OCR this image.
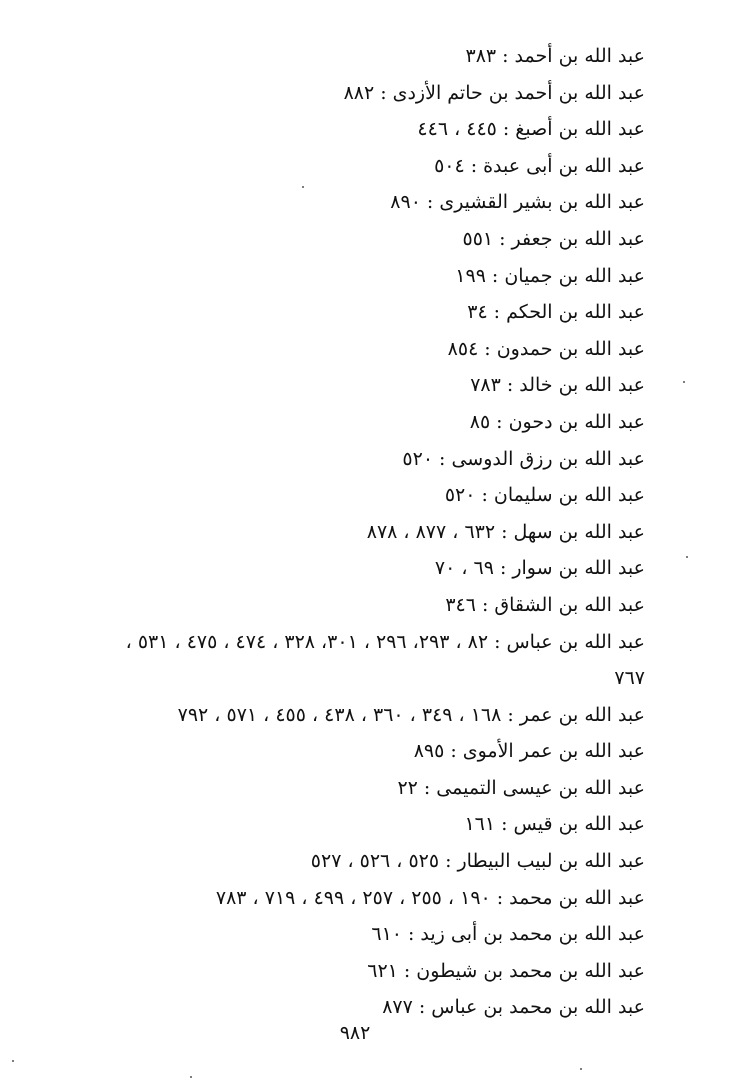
عبد الله بن أحمد:٣٨٣
عبد الله بن أحمد بن حاتم الأزدى:٨٨٢
عبد الله بن أصبغ:٤٤٥ ، ٤٤٦
عبد الله بن أبى عبدة:٥٠٤
عبد الله بن بشير القشيرى:٨٩٠
عبد الله بن جعفر:٥٥١
عبد الله بن جميان:١٩٩
عبد الله بن الحكم:٣٤
عبد الله بن حمدون:٨٥٤
عبد الله بن خالد:٧٨٣
عبد الله بن دحون:٨٥
عبد الله بن رزق الدوسى:٥٢٠
عبد الله بن سليمان:٥٢٠
عبد الله بن سهل:٦٣٢ ، ٨٧٧ ، ٨٧٨
عبد الله بن سوار:٦٩ ، ٧٠
عبد الله بن الشقاق:٣٤٦
عبد الله بن عباس:٨٢ ، ٢٩٣، ٢٩٦ ، ٣٠١، ٣٢٨ ، ٤٧٤ ، ٤٧٥ ، ٥٣١ ،
٧٦٧
عبد الله بن عمر:١٦٨ ، ٣٤٩ ، ٣٦٠ ، ٤٣٨ ، ٤٥٥ ، ٥٧١ ، ٧٩٢
عبد الله بن عمر الأموى:٨٩٥
عبد الله بن عيسى التميمى:٢٢
عبد الله بن قيس:١٦١
عبد الله بن لبيب البيطار:٥٢٥ ، ٥٢٦ ، ٥٢٧
عبد الله بن محمد:١٩٠ ، ٢٥٥ ، ٢٥٧ ، ٤٩٩ ، ٧١٩ ، ٧٨٣
عبد الله بن محمد بن أبى زيد:٦١٠
عبد الله بن محمد بن شيطون:٦٢١
عبد الله بن محمد بن عباس:٨٧٧
٩٨٢
